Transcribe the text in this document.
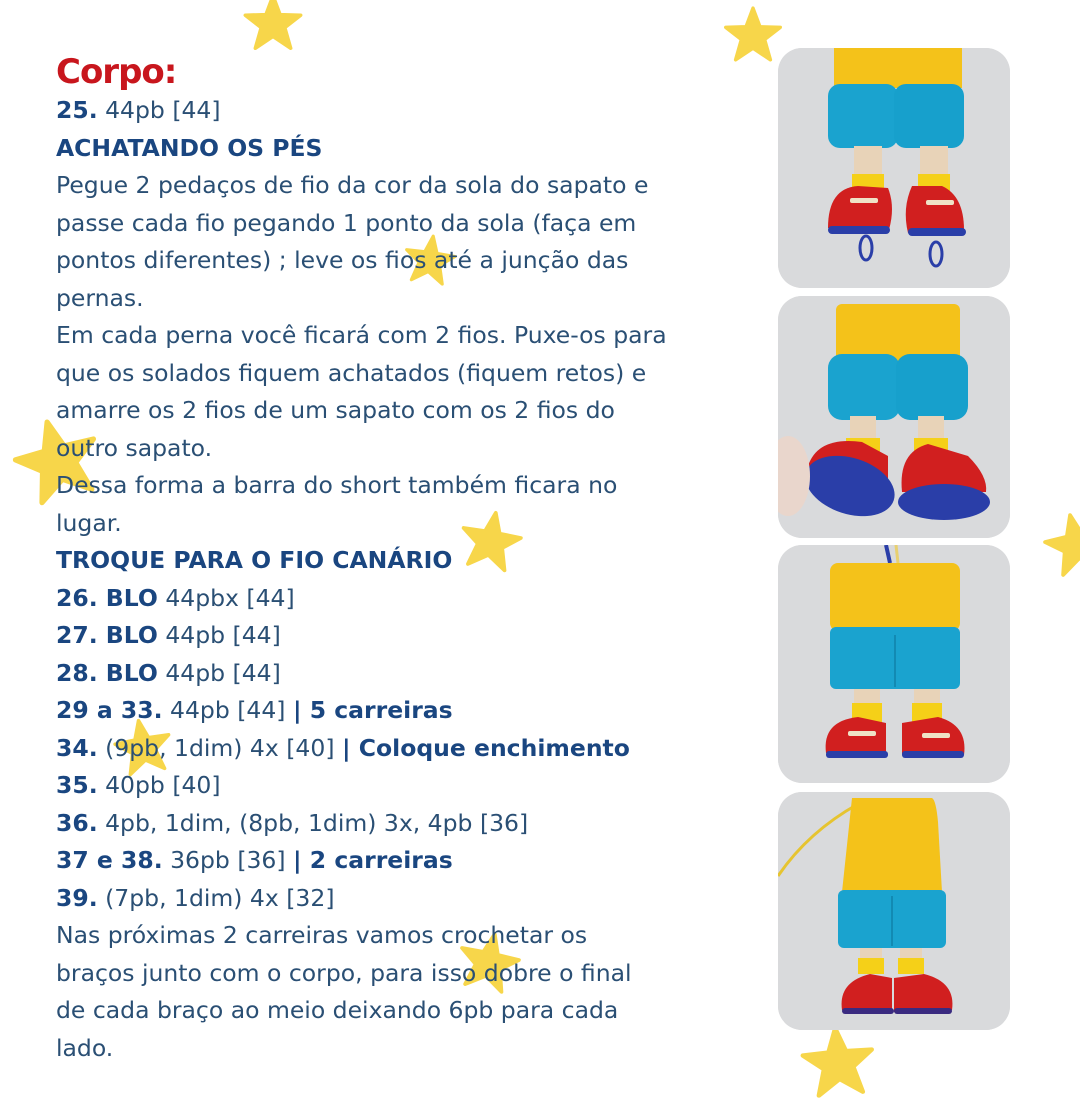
Corpo:
25. 44pb [44]
ACHATANDO OS PÉS
Pegue 2 pedaços de fio da cor da sola do sapato e
passe cada fio pegando 1 ponto da sola (faça em
pontos diferentes) ; leve os fios até a junção das
pernas.
Em cada perna você ficará com 2 fios. Puxe-os para
que os solados fiquem achatados (fiquem retos) e
amarre os 2 fios de um sapato com os 2 fios do
outro sapato.
Dessa forma a barra do short também ficara no
lugar.
TROQUE PARA O FIO CANÁRIO
26. BLO 44pbx [44]
27. BLO 44pb [44]
28. BLO 44pb [44]
29 a 33. 44pb [44] | 5 carreiras
34. (9pb, 1dim) 4x [40] | Coloque enchimento
35. 40pb [40]
36. 4pb, 1dim, (8pb, 1dim) 3x, 4pb [36]
37 e 38. 36pb [36] | 2 carreiras
39. (7pb, 1dim) 4x [32]
Nas próximas 2 carreiras vamos crochetar os
braços junto com o corpo, para isso dobre o final
de cada braço ao meio deixando 6pb para cada
lado.
